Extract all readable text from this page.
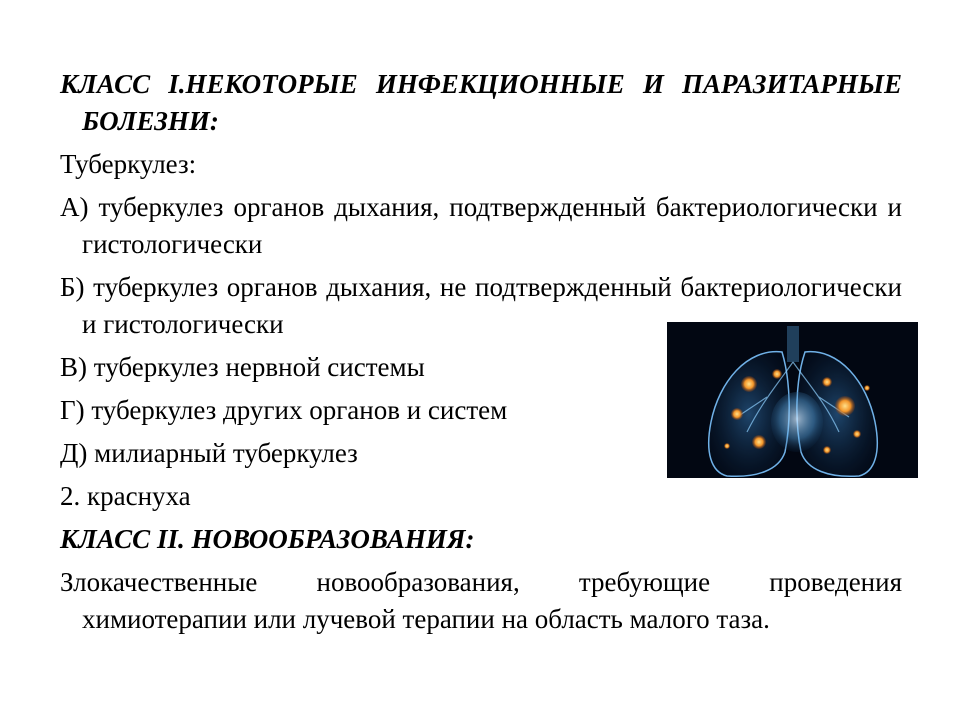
КЛАСС I.НЕКОТОРЫЕ ИНФЕКЦИОННЫЕ И ПАРАЗИТАРНЫЕ БОЛЕЗНИ:

Туберкулез:

А) туберкулез органов дыхания, подтвержденный бактериологически и гистологически

Б) туберкулез органов дыхания, не подтвержденный бактериологически и гистологически

В) туберкулез нервной системы

Г) туберкулез других органов и систем

Д) милиарный туберкулез

2. краснуха

КЛАСС II. НОВООБРАЗОВАНИЯ:

Злокачественные новообразования, требующие проведения химиотерапии или лучевой терапии на область малого таза.
